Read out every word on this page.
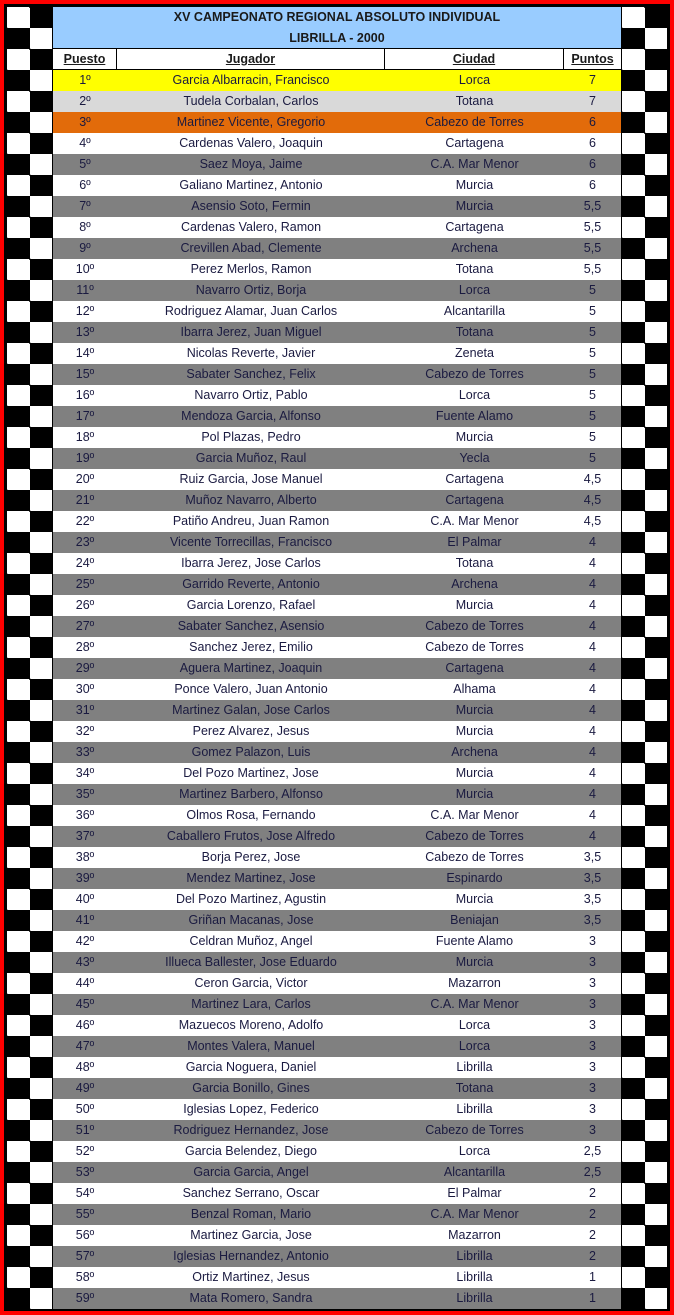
XV CAMPEONATO REGIONAL ABSOLUTO INDIVIDUAL
LIBRILLA - 2000
Puesto	Jugador	Ciudad	Puntos
1º	Garcia Albarracin, Francisco	Lorca	7
2º	Tudela Corbalan, Carlos	Totana	7
3º	Martinez Vicente, Gregorio	Cabezo de Torres	6
4º	Cardenas Valero, Joaquin	Cartagena	6
5º	Saez Moya, Jaime	C.A. Mar Menor	6
6º	Galiano Martinez, Antonio	Murcia	6
7º	Asensio Soto, Fermin	Murcia	5,5
8º	Cardenas Valero, Ramon	Cartagena	5,5
9º	Crevillen Abad, Clemente	Archena	5,5
10º	Perez Merlos, Ramon	Totana	5,5
11º	Navarro Ortiz, Borja	Lorca	5
12º	Rodriguez Alamar, Juan Carlos	Alcantarilla	5
13º	Ibarra Jerez, Juan Miguel	Totana	5
14º	Nicolas Reverte, Javier	Zeneta	5
15º	Sabater Sanchez, Felix	Cabezo de Torres	5
16º	Navarro Ortiz, Pablo	Lorca	5
17º	Mendoza Garcia, Alfonso	Fuente Alamo	5
18º	Pol Plazas, Pedro	Murcia	5
19º	Garcia Muñoz, Raul	Yecla	5
20º	Ruiz Garcia, Jose Manuel	Cartagena	4,5
21º	Muñoz Navarro, Alberto	Cartagena	4,5
22º	Patiño Andreu, Juan Ramon	C.A. Mar Menor	4,5
23º	Vicente Torrecillas, Francisco	El Palmar	4
24º	Ibarra Jerez, Jose Carlos	Totana	4
25º	Garrido Reverte, Antonio	Archena	4
26º	Garcia Lorenzo, Rafael	Murcia	4
27º	Sabater Sanchez, Asensio	Cabezo de Torres	4
28º	Sanchez Jerez, Emilio	Cabezo de Torres	4
29º	Aguera Martinez, Joaquin	Cartagena	4
30º	Ponce Valero, Juan Antonio	Alhama	4
31º	Martinez Galan, Jose Carlos	Murcia	4
32º	Perez Alvarez, Jesus	Murcia	4
33º	Gomez Palazon, Luis	Archena	4
34º	Del Pozo Martinez, Jose	Murcia	4
35º	Martinez Barbero, Alfonso	Murcia	4
36º	Olmos Rosa, Fernando	C.A. Mar Menor	4
37º	Caballero Frutos, Jose Alfredo	Cabezo de Torres	4
38º	Borja Perez, Jose	Cabezo de Torres	3,5
39º	Mendez Martinez, Jose	Espinardo	3,5
40º	Del Pozo Martinez, Agustin	Murcia	3,5
41º	Griñan Macanas, Jose	Beniajan	3,5
42º	Celdran Muñoz, Angel	Fuente Alamo	3
43º	Illueca Ballester, Jose Eduardo	Murcia	3
44º	Ceron Garcia, Victor	Mazarron	3
45º	Martinez Lara, Carlos	C.A. Mar Menor	3
46º	Mazuecos Moreno, Adolfo	Lorca	3
47º	Montes Valera, Manuel	Lorca	3
48º	Garcia Noguera, Daniel	Librilla	3
49º	Garcia Bonillo, Gines	Totana	3
50º	Iglesias Lopez, Federico	Librilla	3
51º	Rodriguez Hernandez, Jose	Cabezo de Torres	3
52º	Garcia Belendez, Diego	Lorca	2,5
53º	Garcia Garcia, Angel	Alcantarilla	2,5
54º	Sanchez Serrano, Oscar	El Palmar	2
55º	Benzal Roman, Mario	C.A. Mar Menor	2
56º	Martinez Garcia, Jose	Mazarron	2
57º	Iglesias Hernandez, Antonio	Librilla	2
58º	Ortiz Martinez, Jesus	Librilla	1
59º	Mata Romero, Sandra	Librilla	1
